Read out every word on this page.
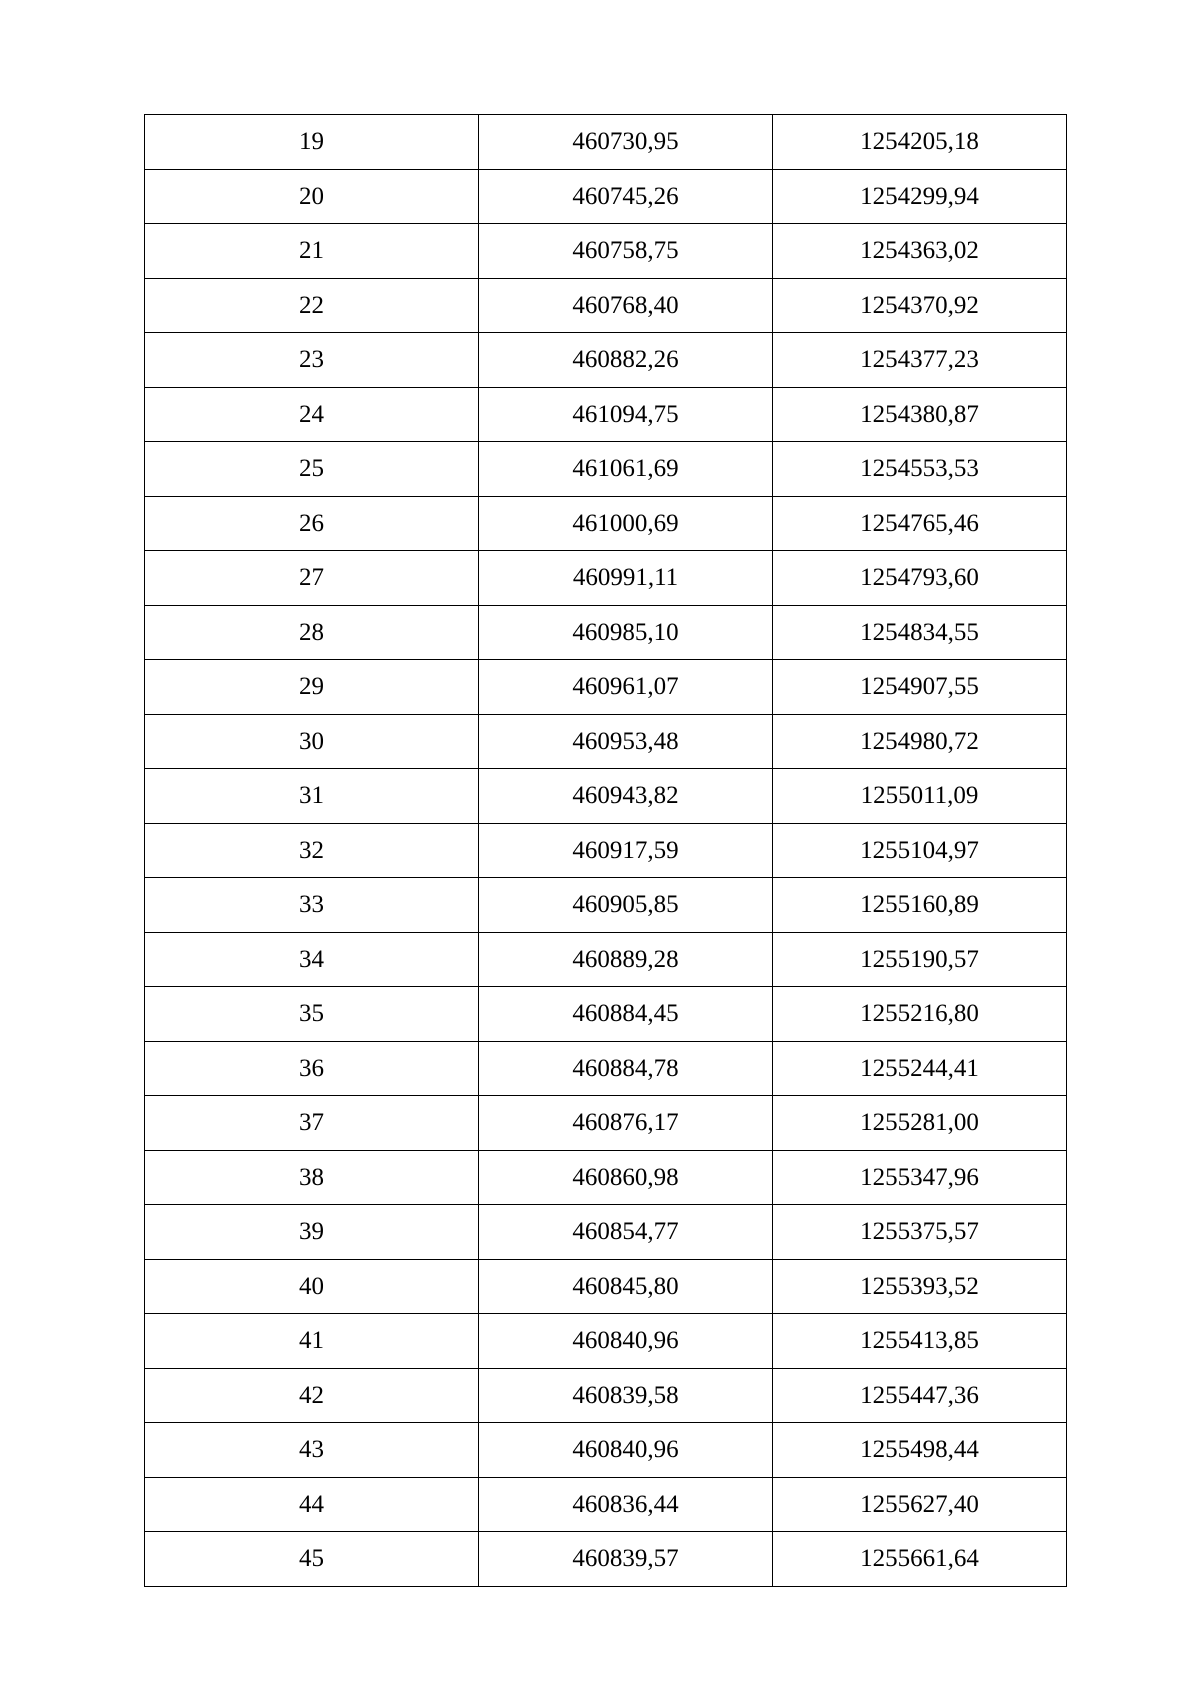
19	460730,95	1254205,18
20	460745,26	1254299,94
21	460758,75	1254363,02
22	460768,40	1254370,92
23	460882,26	1254377,23
24	461094,75	1254380,87
25	461061,69	1254553,53
26	461000,69	1254765,46
27	460991,11	1254793,60
28	460985,10	1254834,55
29	460961,07	1254907,55
30	460953,48	1254980,72
31	460943,82	1255011,09
32	460917,59	1255104,97
33	460905,85	1255160,89
34	460889,28	1255190,57
35	460884,45	1255216,80
36	460884,78	1255244,41
37	460876,17	1255281,00
38	460860,98	1255347,96
39	460854,77	1255375,57
40	460845,80	1255393,52
41	460840,96	1255413,85
42	460839,58	1255447,36
43	460840,96	1255498,44
44	460836,44	1255627,40
45	460839,57	1255661,64
